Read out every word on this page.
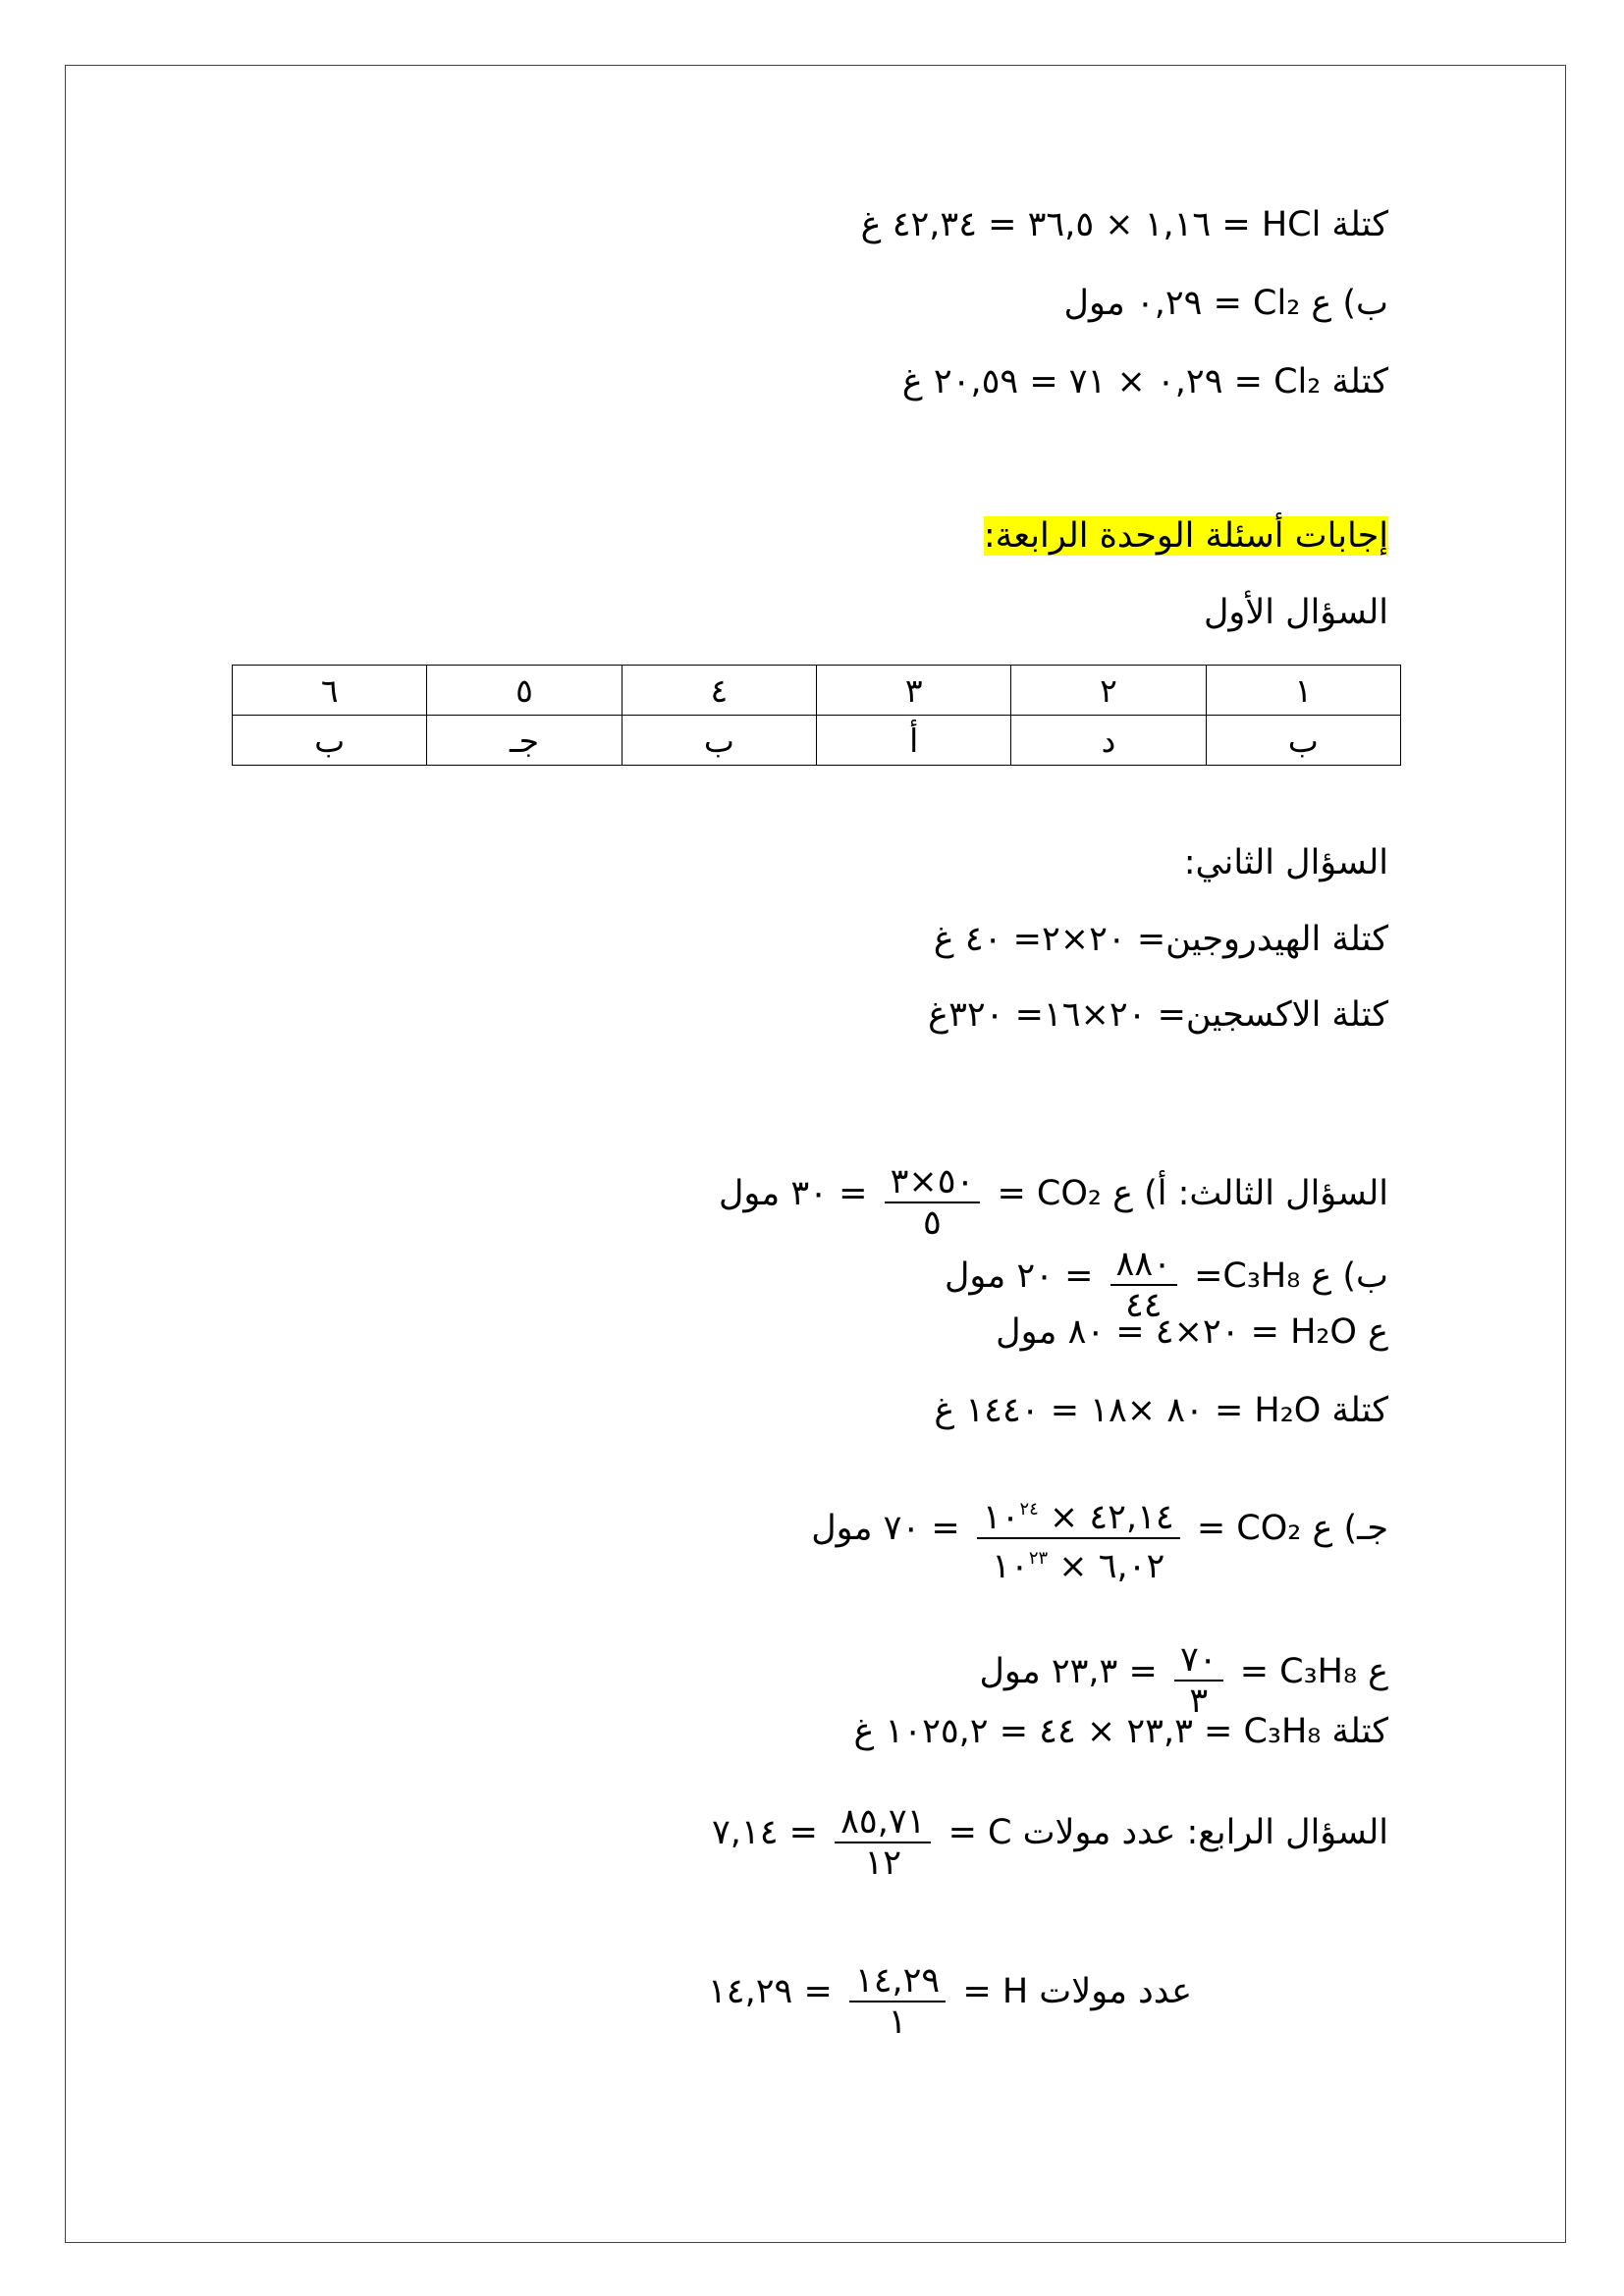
كتلة HCl = ١,١٦ × ٣٦,٥ = ٤٢,٣٤ غ
ب) ع Cl₂ = ٠,٢٩ مول
كتلة Cl₂ = ٠,٢٩ × ٧١ = ٢٠,٥٩ غ
إجابات أسئلة الوحدة الرابعة:
السؤال الأول
١	٢	٣	٤	٥	٦
ب	د	أ	ب	جـ	ب
السؤال الثاني:
كتلة الهيدروجين= ٢٠×٢= ٤٠ غ
كتلة الاكسجين= ٢٠×١٦= ٣٢٠غ
السؤال الثالث: أ) ع CO₂ =
$\frac{٥٠\times ٣}{٥}$
= ٣٠ مول
ب) ع C₃H₈=
$\frac{٨٨٠}{٤٤}$
= ٢٠ مول
ع H₂O = ٢٠×٤ = ٨٠ مول
كتلة H₂O = ٨٠ ×١٨ = ١٤٤٠ غ
جـ) ع CO₂ =
$\frac{٤٢,١٤ \times ١٠^{٢٤}}{٦,٠٢ \times ١٠^{٢٣}}$
= ٧٠ مول
ع C₃H₈ =
$\frac{٧٠}{٣}$
= ٢٣,٣ مول
كتلة C₃H₈ = ٢٣,٣ × ٤٤ = ١٠٢٥,٢ غ
السؤال الرابع: عدد مولات C =
$\frac{٨٥,٧١}{١٢}$
= ٧,١٤
عدد مولات H =
$\frac{١٤,٢٩}{١}$
= ١٤,٢٩
